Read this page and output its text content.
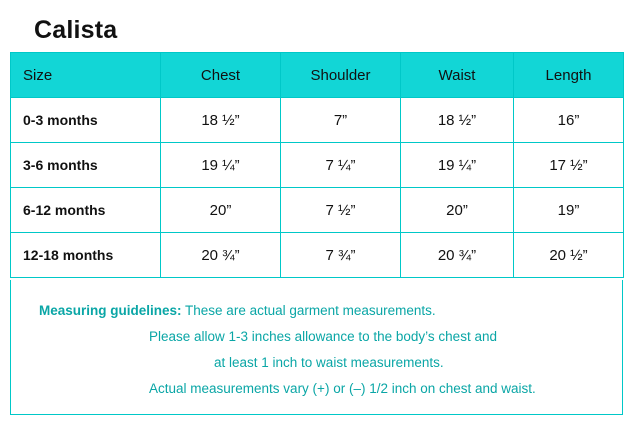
Calista
Size	Chest	Shoulder	Waist	Length
0-3 months	18 ½”	7”	18 ½”	16”
3-6 months	19 ¼”	7 ¼”	19 ¼”	17 ½”
6-12 months	20”	7 ½”	20”	19”
12-18 months	20 ¾”	7 ¾”	20 ¾”	20 ½”
Measuring guidelines: These are actual garment measurements.
Please allow 1-3 inches allowance to the body’s chest and
at least 1 inch to waist measurements.
Actual measurements vary (+) or (–) 1/2 inch on chest and waist.
